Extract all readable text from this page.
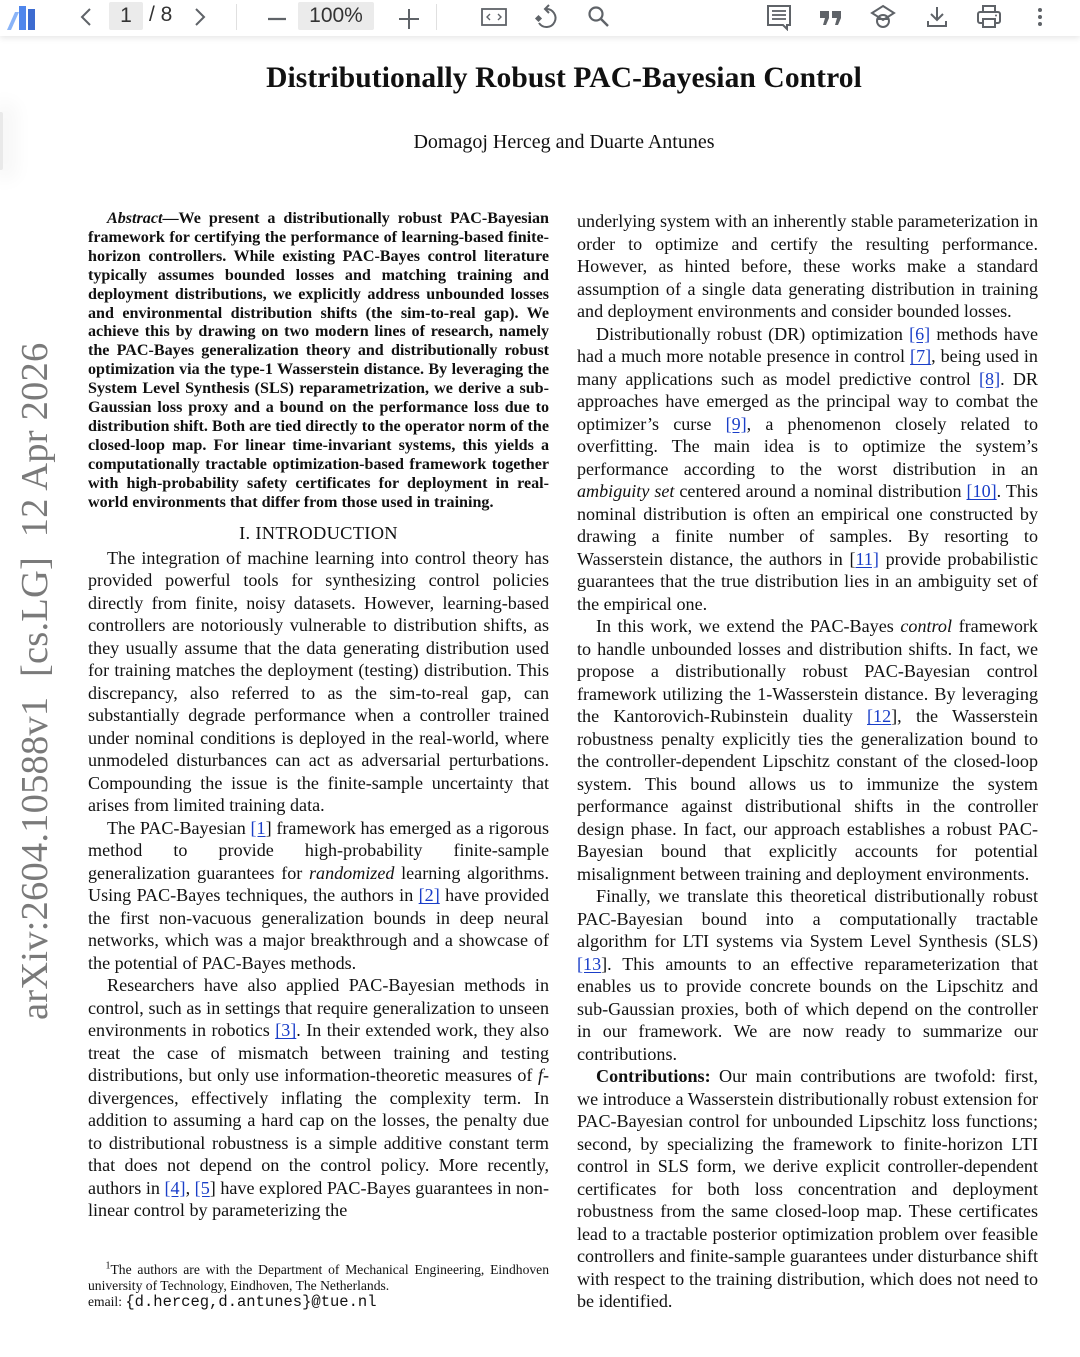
1 / 8	100%
arXiv:2604.10588v1  [cs.LG]  12 Apr 2026
Distributionally Robust PAC-Bayesian Control
Domagoj Herceg and Duarte Antunes

Abstract—We present a distributionally robust PAC-Bayesian framework for certifying the performance of learning-based finite-horizon controllers. While existing PAC-Bayes control literature typically assumes bounded losses and matching training and deployment distributions, we explicitly address unbounded losses and environmental distribution shifts (the sim-to-real gap). We achieve this by drawing on two modern lines of research, namely the PAC-Bayes generalization theory and distributionally robust optimization via the type-1 Wasserstein distance. By leveraging the System Level Synthesis (SLS) reparametrization, we derive a sub-Gaussian loss proxy and a bound on the performance loss due to distribution shift. Both are tied directly to the operator norm of the closed-loop map. For linear time-invariant systems, this yields a computationally tractable optimization-based framework together with high-probability safety certificates for deployment in real-world environments that differ from those used in training.

I. INTRODUCTION

The integration of machine learning into control theory has provided powerful tools for synthesizing control policies directly from finite, noisy datasets. However, learning-based controllers are notoriously vulnerable to distribution shifts, as they usually assume that the data generating distribution used for training matches the deployment (testing) distribution. This discrepancy, also referred to as the sim-to-real gap, can substantially degrade performance when a controller trained under nominal conditions is deployed in the real-world, where unmodeled disturbances can act as adversarial perturbations. Compounding the issue is the finite-sample uncertainty that arises from limited training data.

The PAC-Bayesian [1] framework has emerged as a rigorous method to provide high-probability finite-sample generalization guarantees for randomized learning algorithms. Using PAC-Bayes techniques, the authors in [2] have provided the first non-vacuous generalization bounds in deep neural networks, which was a major breakthrough and a showcase of the potential of PAC-Bayes methods.

Researchers have also applied PAC-Bayesian methods in control, such as in settings that require generalization to unseen environments in robotics [3]. In their extended work, they also treat the case of mismatch between training and testing distributions, but only use information-theoretic measures of f-divergences, effectively inflating the complexity term. In addition to assuming a hard cap on the losses, the penalty due to distributional robustness is a simple additive constant term that does not depend on the control policy. More recently, authors in [4], [5] have explored PAC-Bayes guarantees in non-linear control by parameterizing the

$^1$The authors are with the Department of Mechanical Engineering, Eindhoven university of Technology, Eindhoven, The Netherlands.
email: {d.herceg,d.antunes}@tue.nl

underlying system with an inherently stable parameterization in order to optimize and certify the resulting performance. However, as hinted before, these works make a standard assumption of a single data generating distribution in training and deployment environments and consider bounded losses.

Distributionally robust (DR) optimization [6] methods have had a much more notable presence in control [7], being used in many applications such as model predictive control [8]. DR approaches have emerged as the principal way to combat the optimizer’s curse [9], a phenomenon closely related to overfitting. The main idea is to optimize the system’s performance according to the worst distribution in an ambiguity set centered around a nominal distribution [10]. This nominal distribution is often an empirical one constructed by drawing a finite number of samples. By resorting to Wasserstein distance, the authors in [11] provide probabilistic guarantees that the true distribution lies in an ambiguity set of the empirical one.

In this work, we extend the PAC-Bayes control framework to handle unbounded losses and distribution shifts. In fact, we propose a distributionally robust PAC-Bayesian control framework utilizing the 1-Wasserstein distance. By leveraging the Kantorovich-Rubinstein duality [12], the Wasserstein robustness penalty explicitly ties the generalization bound to the controller-dependent Lipschitz constant of the closed-loop system. This bound allows us to immunize the system performance against distributional shifts in the controller design phase. In fact, our approach establishes a robust PAC-Bayesian bound that explicitly accounts for potential misalignment between training and deployment environments.

Finally, we translate this theoretical distributionally robust PAC-Bayesian bound into a computationally tractable algorithm for LTI systems via System Level Synthesis (SLS) [13]. This amounts to an effective reparameterization that enables us to provide concrete bounds on the Lipschitz and sub-Gaussian proxies, both of which depend on the controller in our framework. We are now ready to summarize our contributions.

Contributions: Our main contributions are twofold: first, we introduce a Wasserstein distributionally robust extension for PAC-Bayesian control for unbounded Lipschitz loss functions; second, by specializing the framework to finite-horizon LTI control in SLS form, we derive explicit controller-dependent certificates for both loss concentration and deployment robustness from the same closed-loop map. These certificates lead to a tractable posterior optimization problem over feasible controllers and finite-sample guarantees under disturbance shift with respect to the training distribution, which does not need to be identified.
